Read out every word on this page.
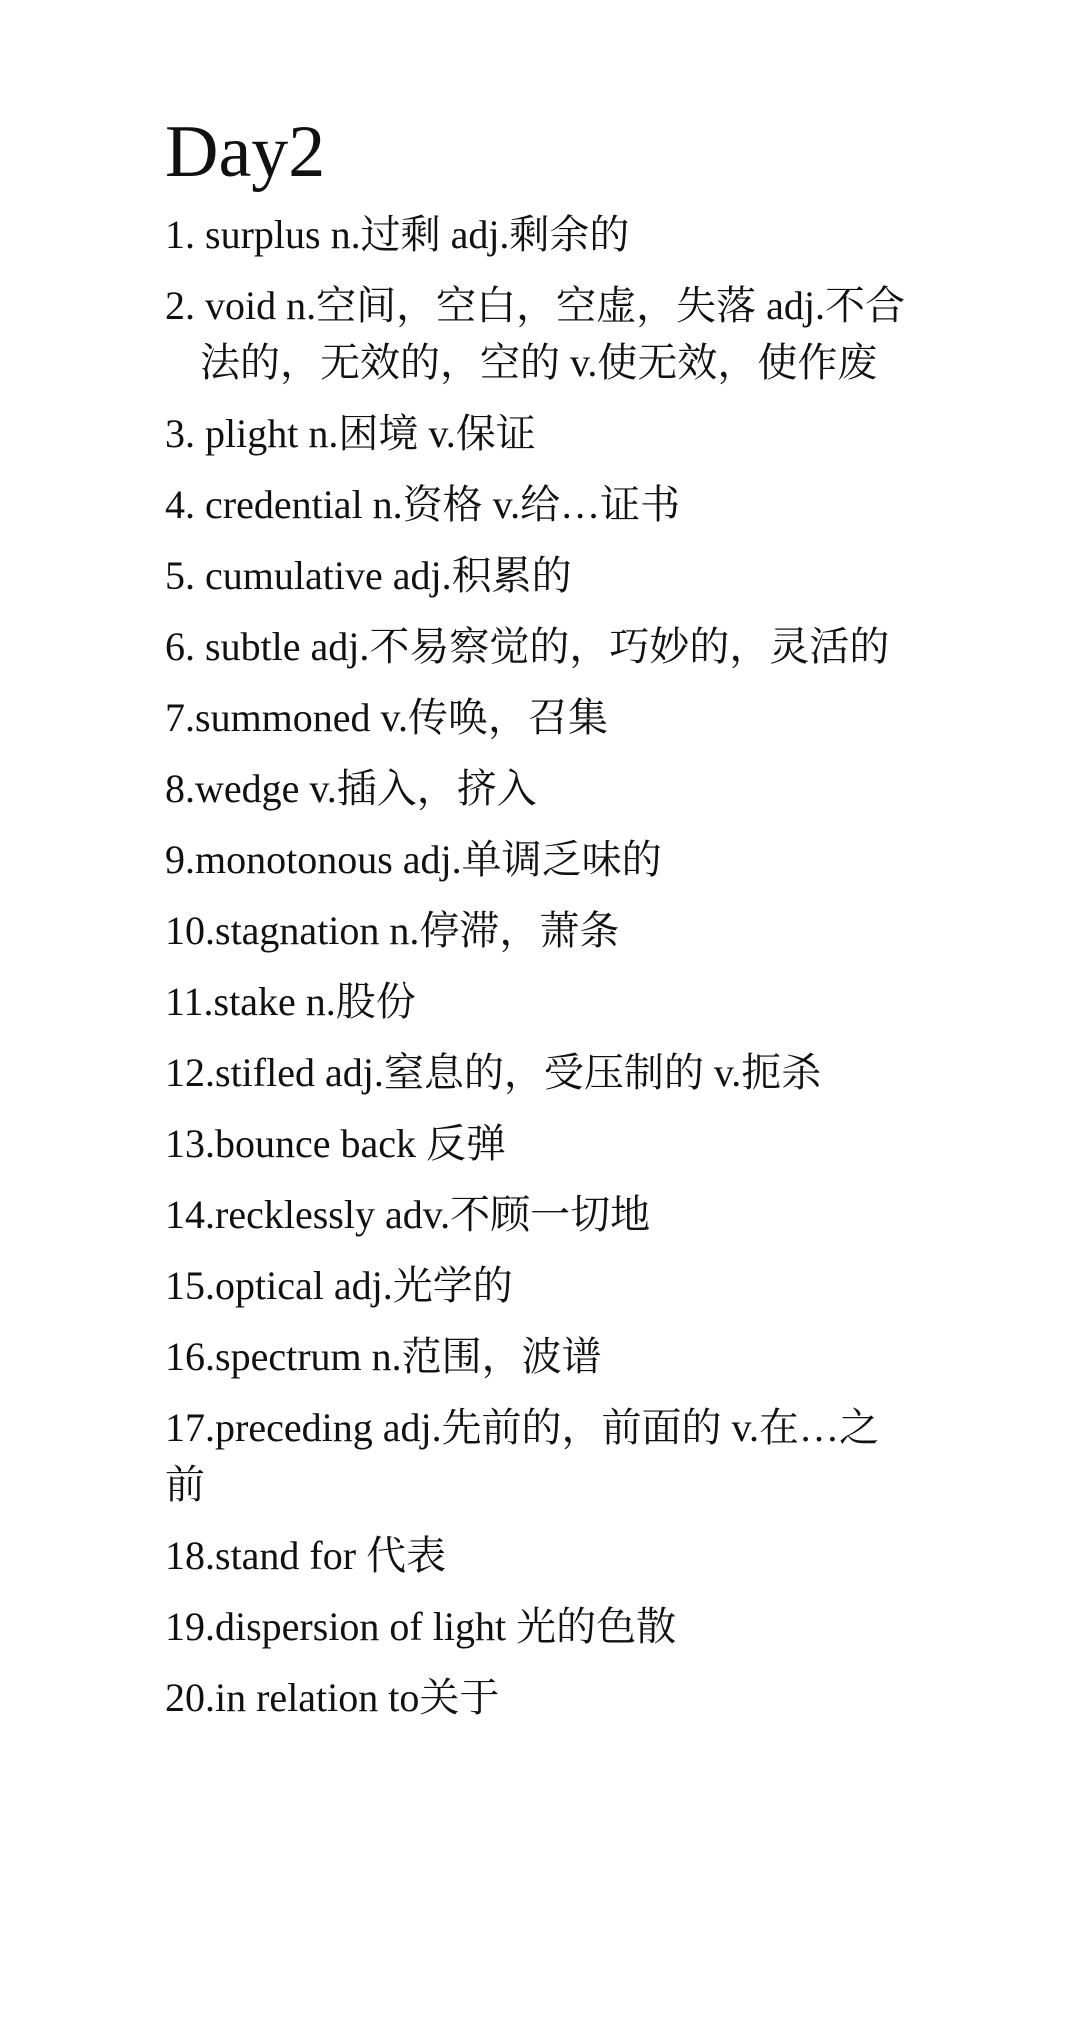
Day2

1. surplus n.过剩 adj.剩余的

2. void n.空间，空白，空虚，失落 adj.不合法的，无效的，空的 v.使无效，使作废

3. plight n.困境 v.保证

4. credential n.资格 v.给…证书

5. cumulative adj.积累的

6. subtle adj.不易察觉的，巧妙的，灵活的

7.summoned v.传唤，召集

8.wedge v.插入，挤入

9.monotonous adj.单调乏味的

10.stagnation n.停滞，萧条

11.stake n.股份

12.stifled adj.窒息的，受压制的 v.扼杀

13.bounce back 反弹

14.recklessly adv.不顾一切地

15.optical adj.光学的

16.spectrum n.范围，波谱

17.preceding adj.先前的，前面的 v.在…之前

18.stand for 代表

19.dispersion of light 光的色散

20.in relation to关于
